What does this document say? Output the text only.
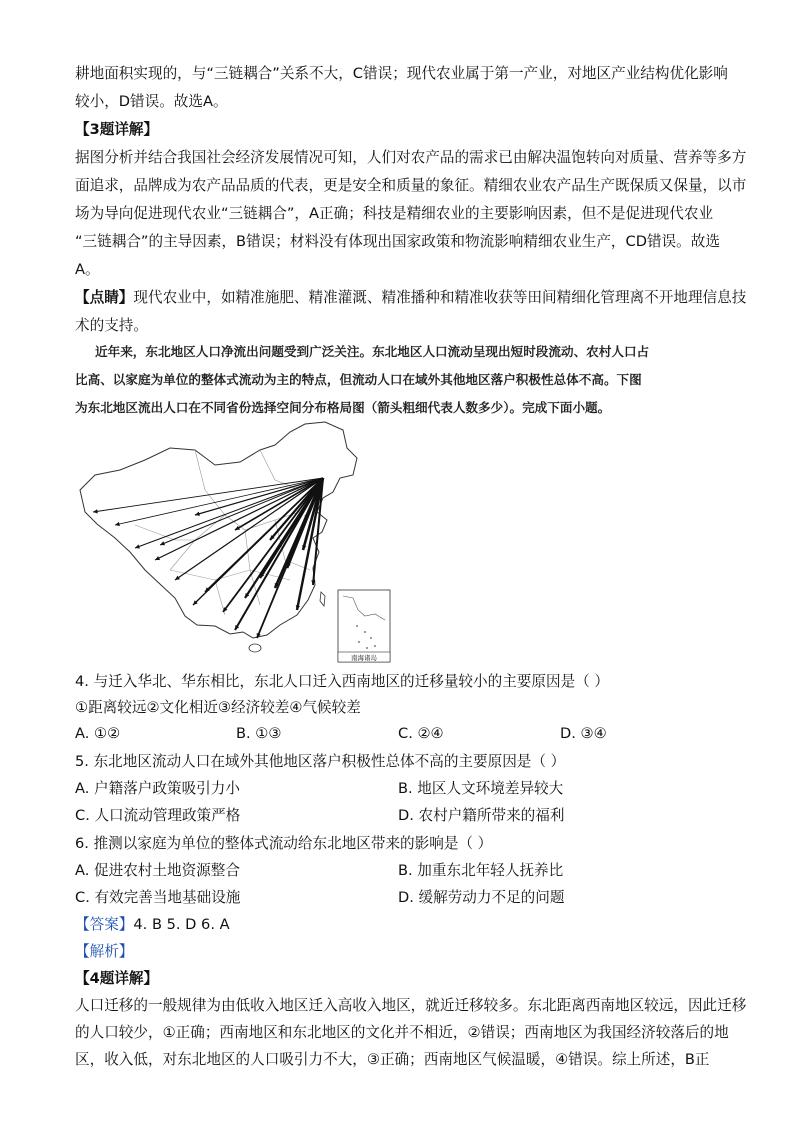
耕地面积实现的，与“三链耦合”关系不大，C错误；现代农业属于第一产业，对地区产业结构优化影响
较小，D错误。故选A。
【3题详解】
据图分析并结合我国社会经济发展情况可知，人们对农产品的需求已由解决温饱转向对质量、营养等多方
面追求，品牌成为农产品品质的代表，更是安全和质量的象征。精细农业农产品生产既保质又保量，以市
场为导向促进现代农业“三链耦合”，A正确；科技是精细农业的主要影响因素，但不是促进现代农业
“三链耦合”的主导因素，B错误；材料没有体现出国家政策和物流影响精细农业生产，CD错误。故选
A。
【点睛】现代农业中，如精准施肥、精准灌溉、精准播种和精准收获等田间精细化管理离不开地理信息技
术的支持。
近年来，东北地区人口净流出问题受到广泛关注。东北地区人口流动呈现出短时段流动、农村人口占
比高、以家庭为单位的整体式流动为主的特点，但流动人口在域外其他地区落户积极性总体不高。下图
为东北地区流出人口在不同省份选择空间分布格局图（箭头粗细代表人数多少）。完成下面小题。
南海诸岛
4. 与迁入华北、华东相比，东北人口迁入西南地区的迁移量较小的主要原因是（ ）
①距离较远②文化相近③经济较差④气候较差
A. ①②	B. ①③	C. ②④	D. ③④
5. 东北地区流动人口在域外其他地区落户积极性总体不高的主要原因是（ ）
A. 户籍落户政策吸引力小	B. 地区人文环境差异较大
C. 人口流动管理政策严格	D. 农村户籍所带来的福利
6. 推测以家庭为单位的整体式流动给东北地区带来的影响是（ ）
A. 促进农村土地资源整合	B. 加重东北年轻人抚养比
C. 有效完善当地基础设施	D. 缓解劳动力不足的问题
【答案】4. B 5. D 6. A
【解析】
【4题详解】
人口迁移的一般规律为由低收入地区迁入高收入地区，就近迁移较多。东北距离西南地区较远，因此迁移
的人口较少，①正确；西南地区和东北地区的文化并不相近，②错误；西南地区为我国经济较落后的地
区，收入低，对东北地区的人口吸引力不大，③正确；西南地区气候温暖，④错误。综上所述，B正
